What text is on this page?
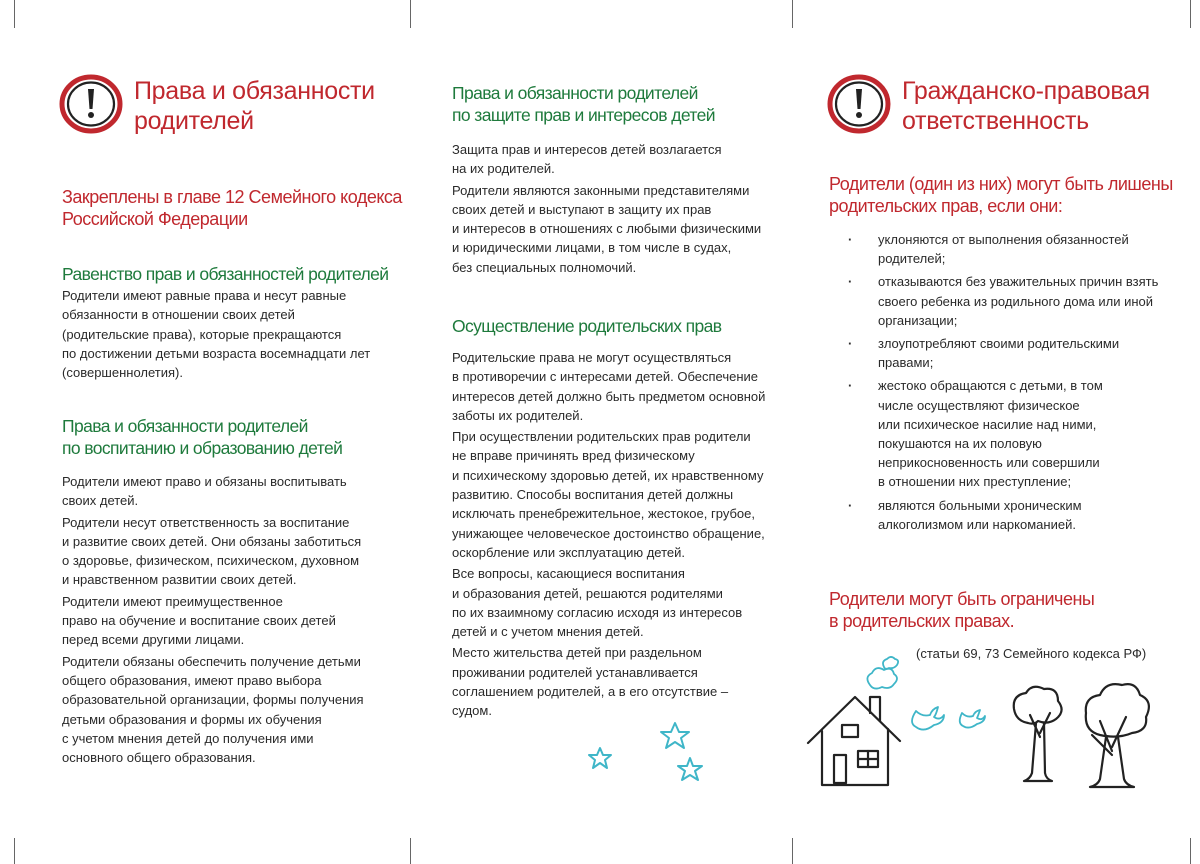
Права и обязанности
родителей
Закреплены в главе 12 Семейного кодекса
Российской Федерации
Равенство прав и обязанностей родителей
Родители имеют равные права и несут равные
обязанности в отношении своих детей
(родительские права), которые прекращаются
по достижении детьми возраста восемнадцати лет
(совершеннолетия).
Права и обязанности родителей
по воспитанию и образованию детей

Родители имеют право и обязаны воспитывать
своих детей.

Родители несут ответственность за воспитание
и развитие своих детей. Они обязаны заботиться
о здоровье, физическом, психическом, духовном
и нравственном развитии своих детей.

Родители имеют преимущественное
право на обучение и воспитание своих детей
перед всеми другими лицами.

Родители обязаны обеспечить получение детьми
общего образования, имеют право выбора
образовательной организации, формы получения
детьми образования и формы их обучения
с учетом мнения детей до получения ими
основного общего образования.

Права и обязанности родителей
по защите прав и интересов детей

Защита прав и интересов детей возлагается
на их родителей.

Родители являются законными представителями
своих детей и выступают в защиту их прав
и интересов в отношениях с любыми физическими
и юридическими лицами, в том числе в судах,
без специальных полномочий.

Осуществление родительских прав

Родительские права не могут осуществляться
в противоречии с интересами детей. Обеспечение
интересов детей должно быть предметом основной
заботы их родителей.

При осуществлении родительских прав родители
не вправе причинять вред физическому
и психическому здоровью детей, их нравственному
развитию. Способы воспитания детей должны
исключать пренебрежительное, жестокое, грубое,
унижающее человеческое достоинство обращение,
оскорбление или эксплуатацию детей.

Все вопросы, касающиеся воспитания
и образования детей, решаются родителями
по их взаимному согласию исходя из интересов
детей и с учетом мнения детей.

Место жительства детей при раздельном
проживании родителей устанавливается
соглашением родителей, а в его отсутствие –
судом.

Гражданско-правовая
ответственность
Родители (один из них) могут быть лишены
родительских прав, если они:
· уклоняются от выполнения обязанностей
родителей;
· отказываются без уважительных причин взять
своего ребенка из родильного дома или иной
организации;
· злоупотребляют своими родительскими
правами;
· жестоко обращаются с детьми, в том
числе осуществляют физическое
или психическое насилие над ними,
покушаются на их половую
неприкосновенность или совершили
в отношении них преступление;
· являются больными хроническим
алкоголизмом или наркоманией.
Родители могут быть ограничены
в родительских правах.
(статьи 69, 73 Семейного кодекса РФ)
